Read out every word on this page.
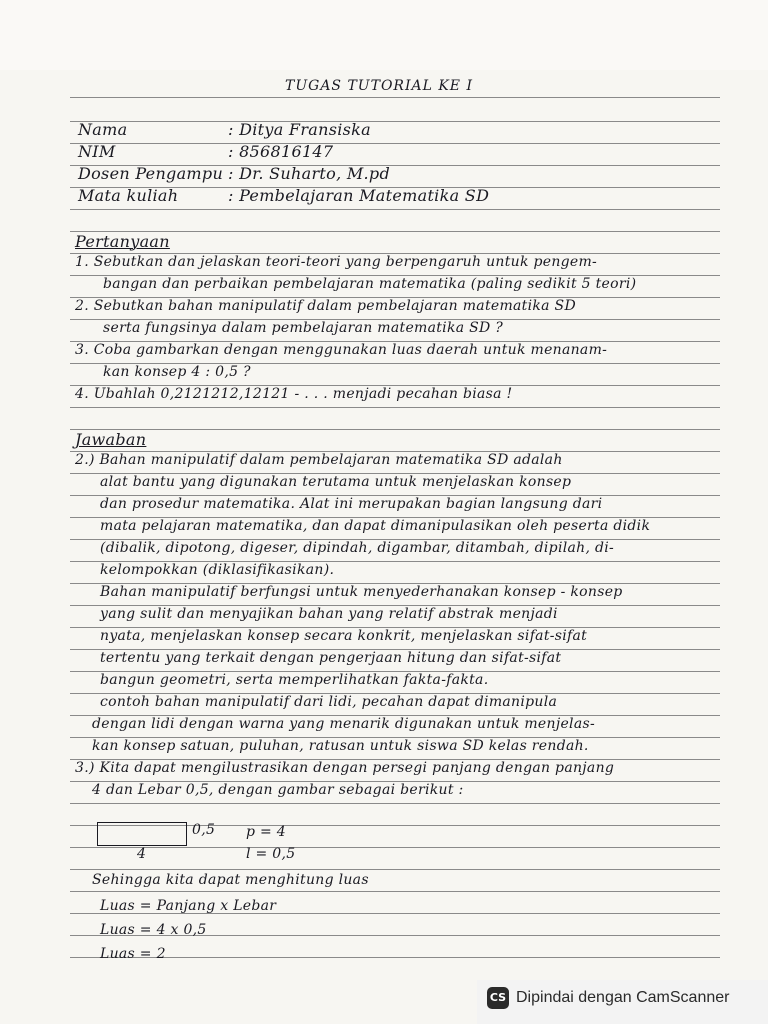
TUGAS TUTORIAL KE I
Nama	: Ditya Fransiska
NIM	: 856816147
Dosen Pengampu : Dr. Suharto, M.pd
Mata kuliah	: Pembelajaran Matematika SD
Pertanyaan
1. Sebutkan dan jelaskan teori-teori yang berpengaruh untuk pengem-
bangan dan perbaikan pembelajaran matematika (paling sedikit 5 teori)
2. Sebutkan bahan manipulatif dalam pembelajaran matematika SD
serta fungsinya dalam pembelajaran matematika SD ?
3. Coba gambarkan dengan menggunakan luas daerah untuk menanam-
kan konsep 4 : 0,5 ?
4. Ubahlah 0,2121212,12121 - . . . menjadi pecahan biasa !
Jawaban
2.) Bahan manipulatif dalam pembelajaran matematika SD adalah
alat bantu yang digunakan terutama untuk menjelaskan konsep
dan prosedur matematika. Alat ini merupakan bagian langsung dari
mata pelajaran matematika, dan dapat dimanipulasikan oleh peserta didik
(dibalik, dipotong, digeser, dipindah, digambar, ditambah, dipilah, di-
kelompokkan (diklasifikasikan).
Bahan manipulatif berfungsi untuk menyederhanakan konsep - konsep
yang sulit dan menyajikan bahan yang relatif abstrak menjadi
nyata, menjelaskan konsep secara konkrit, menjelaskan sifat-sifat
tertentu yang terkait dengan pengerjaan hitung dan sifat-sifat
bangun geometri, serta memperlihatkan fakta-fakta.
contoh bahan manipulatif dari lidi, pecahan dapat dimanipula
dengan lidi dengan warna yang menarik digunakan untuk menjelas-
kan konsep satuan, puluhan, ratusan untuk siswa SD kelas rendah.
3.) Kita dapat mengilustrasikan dengan persegi panjang dengan panjang
4 dan Lebar 0,5, dengan gambar sebagai berikut :
0,5
4
p = 4
l = 0,5
Sehingga kita dapat menghitung luas
Luas = Panjang x Lebar
Luas = 4 x 0,5
Luas = 2
CS Dipindai dengan CamScanner
